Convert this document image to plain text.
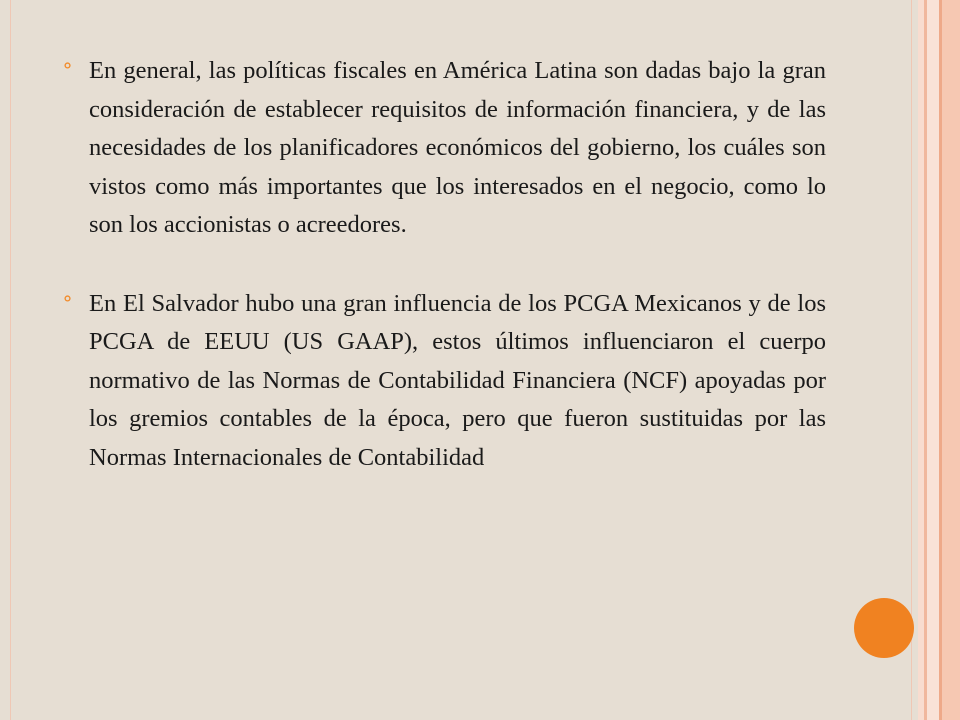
⚬ En general, las políticas fiscales en América Latina son dadas bajo la gran consideración de establecer requisitos de información financiera, y de las necesidades de los planificadores económicos del gobierno, los cuáles son vistos como más importantes que los interesados en el negocio, como lo son los accionistas o acreedores.

⚬ En El Salvador hubo una gran influencia de los PCGA Mexicanos y de los PCGA de EEUU (US GAAP), estos últimos influenciaron el cuerpo normativo de las Normas de Contabilidad Financiera (NCF) apoyadas por los gremios contables de la época, pero que fueron sustituidas por las Normas Internacionales de Contabilidad
